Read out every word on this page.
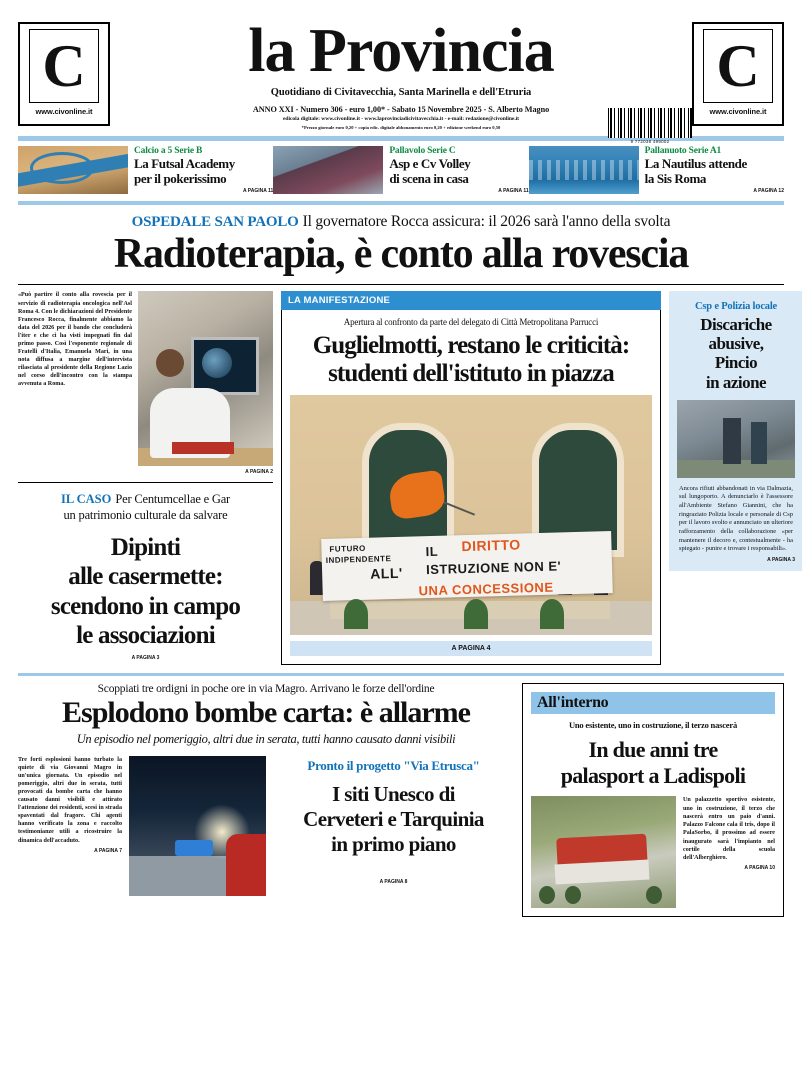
C
www.civonline.it
la Provincia
Quotidiano di Civitavecchia, Santa Marinella e dell'Etruria
ANNO XXI - Numero 306 - euro 1,00* - Sabato 15 Novembre 2025 - S. Alberto Magno
edicola digitale: www.civonline.it - www.laprovinciadicivitavecchia.it - e-mail: redazione@civonline.it
*Prezzo giornale euro 0,20 + copia edic. digitale abbonamento euro 0,20 + edizione weekend euro 0,50
C
www.civonline.it
9 772038 499002
Calcio a 5 Serie B
La Futsal Academy
per il pokerissimo
A PAGINA 11
Pallavolo Serie C
Asp e Cv Volley
di scena in casa
A PAGINA 11
Pallanuoto Serie A1
La Nautilus attende
la Sis Roma
A PAGINA 12
OSPEDALE SAN PAOLO Il governatore Rocca assicura: il 2026 sarà l'anno della svolta
Radioterapia, è conto alla rovescia
«Può partire il conto alla rovescia per il servizio di radioterapia oncologica nell'Asl Roma 4. Con le dichiarazioni del Presidente Francesco Rocca, finalmente abbiamo la data del 2026 per il bando che concluderà l'iter e che ci ha visti impegnati fin dal primo passo. Così l'esponente regionale di Fratelli d'Italia, Emanuela Mari, in una nota diffusa a margine dell'intervista rilasciata al presidente della Regione Lazio nel corso dell'incontro con la stampa avvenuta a Roma.
A PAGINA 2
IL CASO Per Centumcellae e Gar
un patrimonio culturale da salvare
Dipinti
alle casermette:
scendono in campo
le associazioni
A PAGINA 3
LA MANIFESTAZIONE
Apertura al confronto da parte del delegato di Città Metropolitana Parrucci
Guglielmotti, restano le criticità:
studenti dell'istituto in piazza
FUTURO
INDIPENDENTE
IL DIRITTO
ALL' ISTRUZIONE NON E'
UNA CONCESSIONE
A PAGINA 4
Csp e Polizia locale
Discariche
abusive,
Pincio
in azione
Ancora rifiuti abbandonati in via Dalmazia, sul lungoporto. A denunciarlo è l'assessore all'Ambiente Stefano Giannini, che ha ringraziato Polizia locale e personale di Csp per il lavoro svolto e annunciato un ulteriore rafforzamento della collaborazione «per mantenere il decoro e, contestualmente - ha spiegato - punire e trovare i responsabili».
A PAGINA 3
Scoppiati tre ordigni in poche ore in via Magro. Arrivano le forze dell'ordine
Esplodono bombe carta: è allarme
Un episodio nel pomeriggio, altri due in serata, tutti hanno causato danni visibili
Tre forti esplosioni hanno turbato la quiete di via Giovanni Magro in un'unica giornata. Un episodio nel pomeriggio, altri due in serata, tutti provocati da bombe carta che hanno causato danni visibili e attirato l'attenzione dei residenti, scesi in strada spaventati dal fragore. Chi agenti hanno verificato la zona e raccolto testimonianze utili a ricostruire la dinamica dell'accaduto.
A PAGINA 7
Pronto il progetto "Via Etrusca"
I siti Unesco di
Cerveteri e Tarquinia
in primo piano
A PAGINA 8
All'interno
Uno esistente, uno in costruzione, il terzo nascerà
In due anni tre
palasport a Ladispoli
Un palazzetto sportivo esistente, uno in costruzione, il terzo che nascerà entro un paio d'anni. Palazzo Falcone cala il tris, dopo il PalaSorbo, il prossimo ad essere inaugurato sarà l'impianto nel cortile della scuola dell'Alberghiero.
A PAGINA 10
